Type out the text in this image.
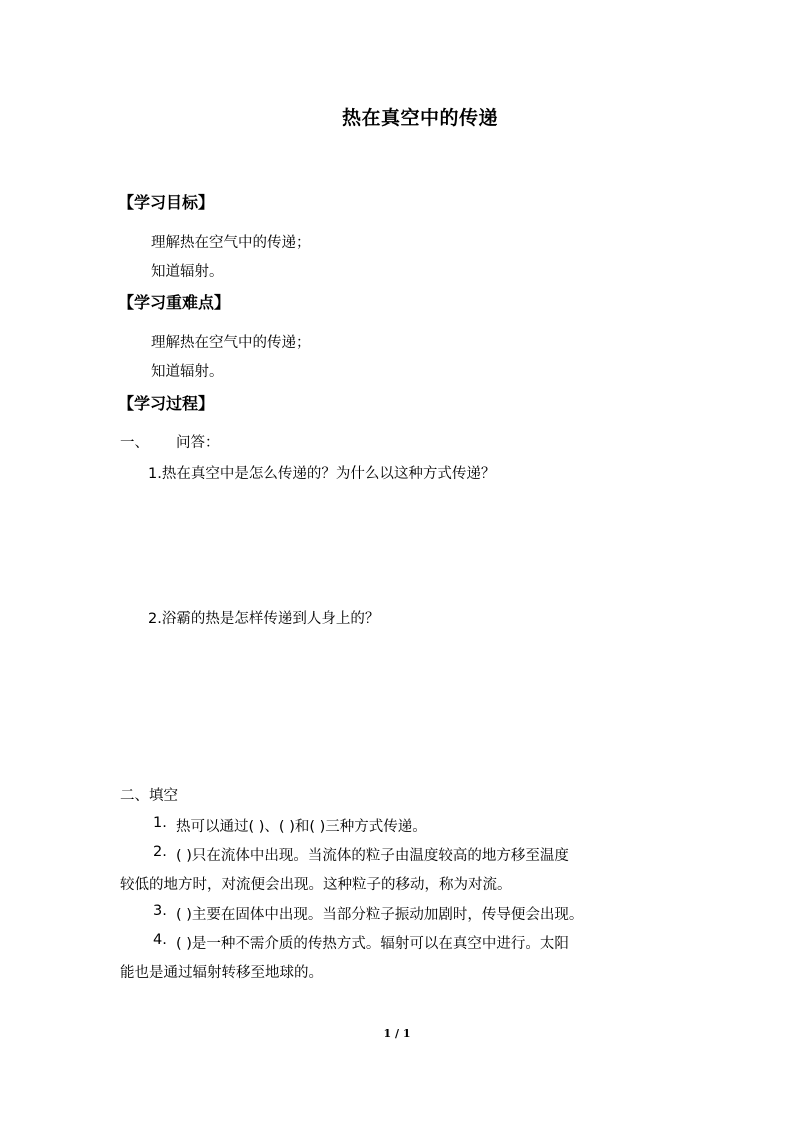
热在真空中的传递
【学习目标】
理解热在空气中的传递；
知道辐射。
【学习重难点】
理解热在空气中的传递；
知道辐射。
【学习过程】
一、 问答：
1.热在真空中是怎么传递的？为什么以这种方式传递？
2.浴霸的热是怎样传递到人身上的？
二、填空
1. 热可以通过( )、( )和( )三种方式传递。
2. ( )只在流体中出现。当流体的粒子由温度较高的地方移至温度
较低的地方时，对流便会出现。这种粒子的移动，称为对流。
3. ( )主要在固体中出现。当部分粒子振动加剧时，传导便会出现。
4. ( )是一种不需介质的传热方式。辐射可以在真空中进行。太阳
能也是通过辐射转移至地球的。
1 / 1
